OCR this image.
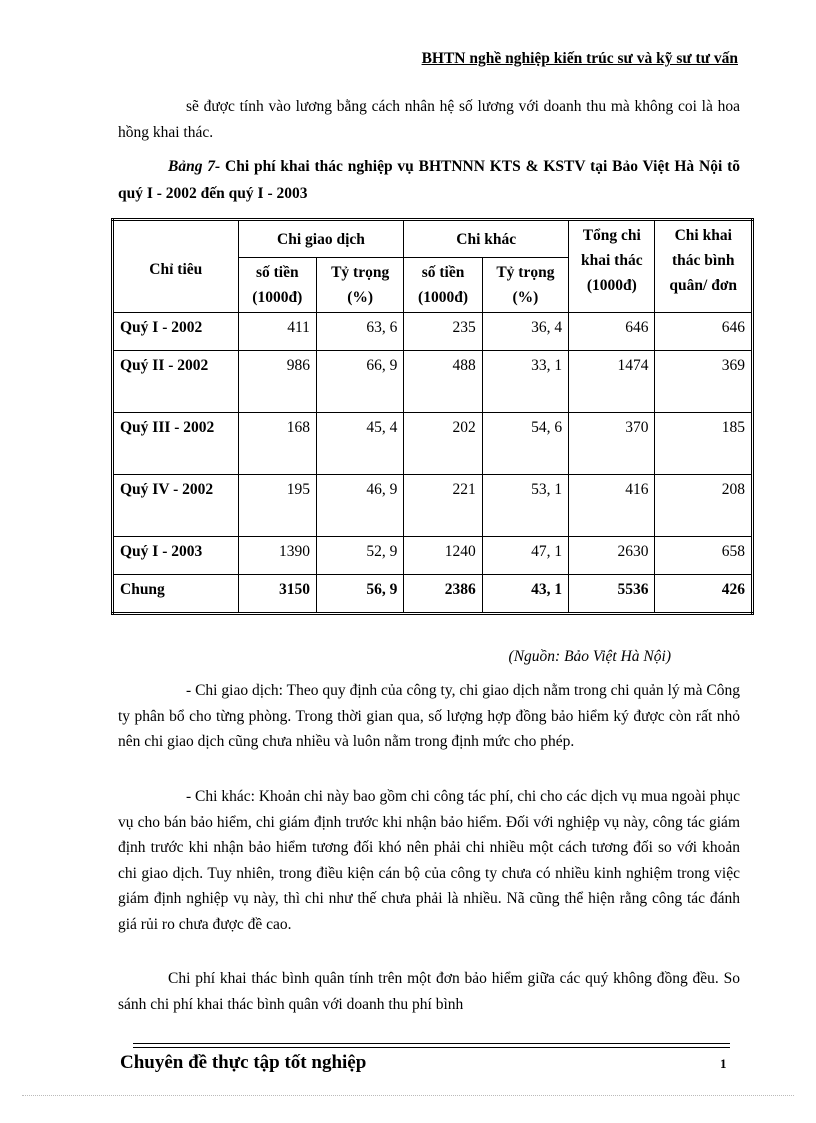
BHTN nghề nghiệp kiến trúc sư và kỹ sư tư vấn

sẽ được tính vào lương bằng cách nhân hệ số lương với doanh thu mà không coi là hoa hồng khai thác.

Bảng 7- Chi phí khai thác nghiệp vụ BHTNNN KTS & KSTV tại Bảo Việt Hà Nội tõ quý I - 2002 đến quý I - 2003
Chỉ tiêu	Chi giao dịch		Chi khác		Tổng chi khai thác (1000đ)	Chi khai thác bình quân/ đơn
	số tiền (1000đ)	Tỷ trọng (%)	số tiền (1000đ)	Tỷ trọng (%)		
Quý I - 2002	411	63, 6	235	36, 4	646	646
Quý II - 2002	986	66, 9	488	33, 1	1474	369
Quý III - 2002	168	45, 4	202	54, 6	370	185
Quý IV - 2002	195	46, 9	221	53, 1	416	208
Quý I - 2003	1390	52, 9	1240	47, 1	2630	658
Chung	3150	56, 9	2386	43, 1	5536	426
(Nguồn: Bảo Việt Hà Nội)

- Chi giao dịch: Theo quy định của công ty, chi giao dịch nằm trong chi quản lý mà Công ty phân bổ cho từng phòng. Trong thời gian qua, số lượng hợp đồng bảo hiểm ký được còn rất nhỏ nên chi giao dịch cũng chưa nhiều và luôn nằm trong định mức cho phép.

- Chi khác: Khoản chi này bao gồm chi công tác phí, chi cho các dịch vụ mua ngoài phục vụ cho bán bảo hiểm, chi giám định trước khi nhận bảo hiểm. Đối với nghiệp vụ này, công tác giám định trước khi nhận bảo hiểm tương đối khó nên phải chi nhiều một cách tương đối so với khoản chi giao dịch. Tuy nhiên, trong điều kiện cán bộ của công ty chưa có nhiều kinh nghiệm trong việc giám định nghiệp vụ này, thì chi như thế chưa phải là nhiều. Nã cũng thể hiện rằng công tác đánh giá rủi ro chưa được đề cao.

Chi phí khai thác bình quân tính trên một đơn bảo hiểm giữa các quý không đồng đều. So sánh chi phí khai thác bình quân với doanh thu phí bình

Chuyên đề thực tập tốt nghiệp	1
